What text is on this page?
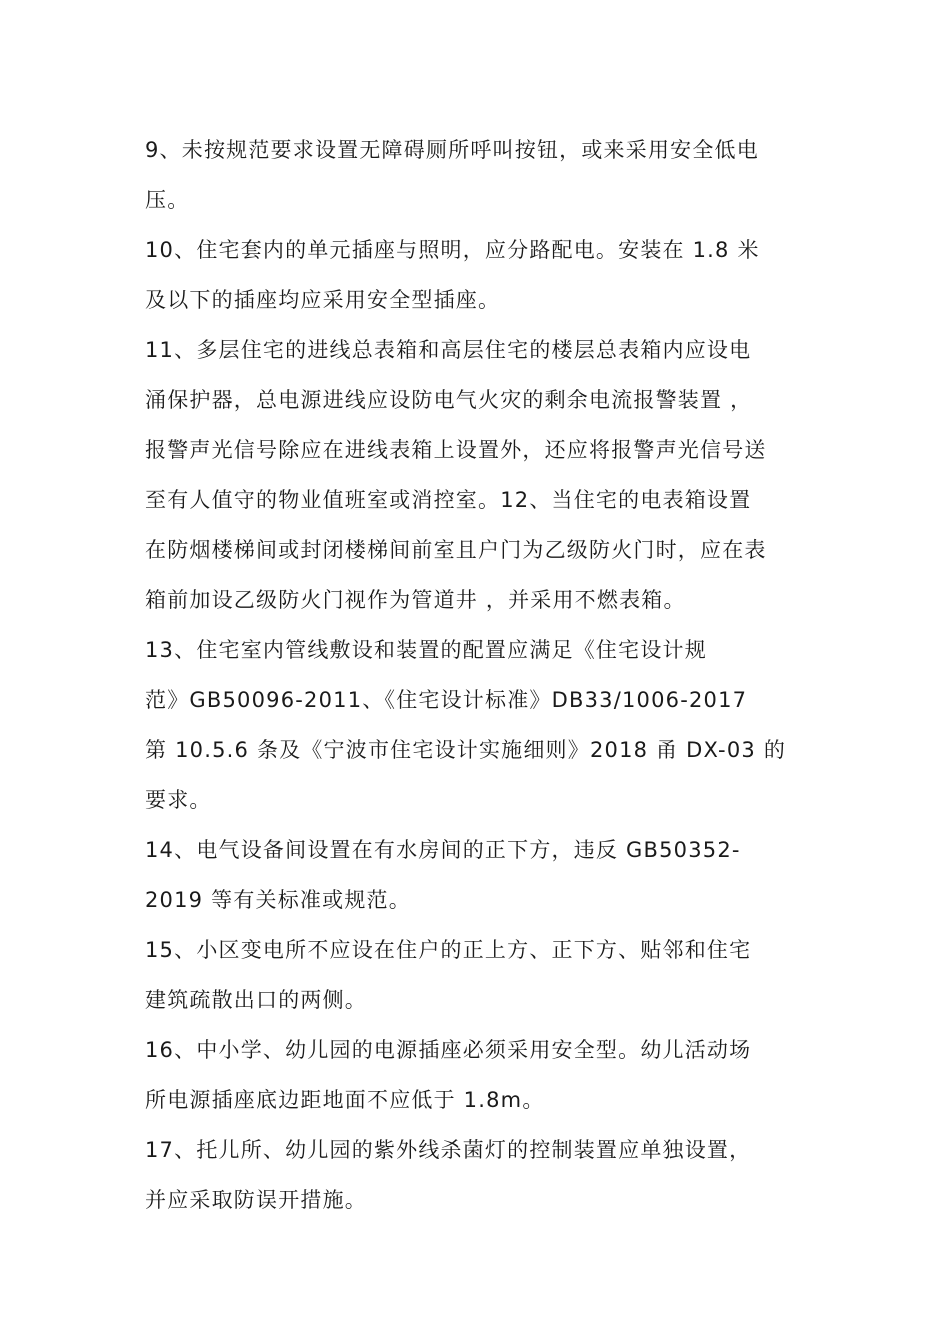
9、未按规范要求设置无障碍厕所呼叫按钮，或来采用安全低电
压。
10、住宅套内的单元插座与照明，应分路配电。安装在 1.8 米
及以下的插座均应采用安全型插座。
11、多层住宅的进线总表箱和高层住宅的楼层总表箱内应设电
涌保护器，总电源进线应设防电气火灾的剩余电流报警装置 ，
报警声光信号除应在进线表箱上设置外，还应将报警声光信号送
至有人值守的物业值班室或消控室。12、当住宅的电表箱设置
在防烟楼梯间或封闭楼梯间前室且户门为乙级防火门时，应在表
箱前加设乙级防火门视作为管道井 ，并采用不燃表箱。
13、住宅室内管线敷设和装置的配置应满足《住宅设计规
范》GB50096-2011、《住宅设计标准》DB33/1006-2017
第 10.5.6 条及《宁波市住宅设计实施细则》2018 甬 DX-03 的
要求。
14、电气设备间设置在有水房间的正下方，违反 GB50352-
2019 等有关标准或规范。
15、小区变电所不应设在住户的正上方、正下方、贴邻和住宅
建筑疏散出口的两侧。
16、中小学、幼儿园的电源插座必须采用安全型。幼儿活动场
所电源插座底边距地面不应低于 1.8m。
17、托儿所、幼儿园的紫外线杀菌灯的控制装置应单独设置，
并应采取防误开措施。
